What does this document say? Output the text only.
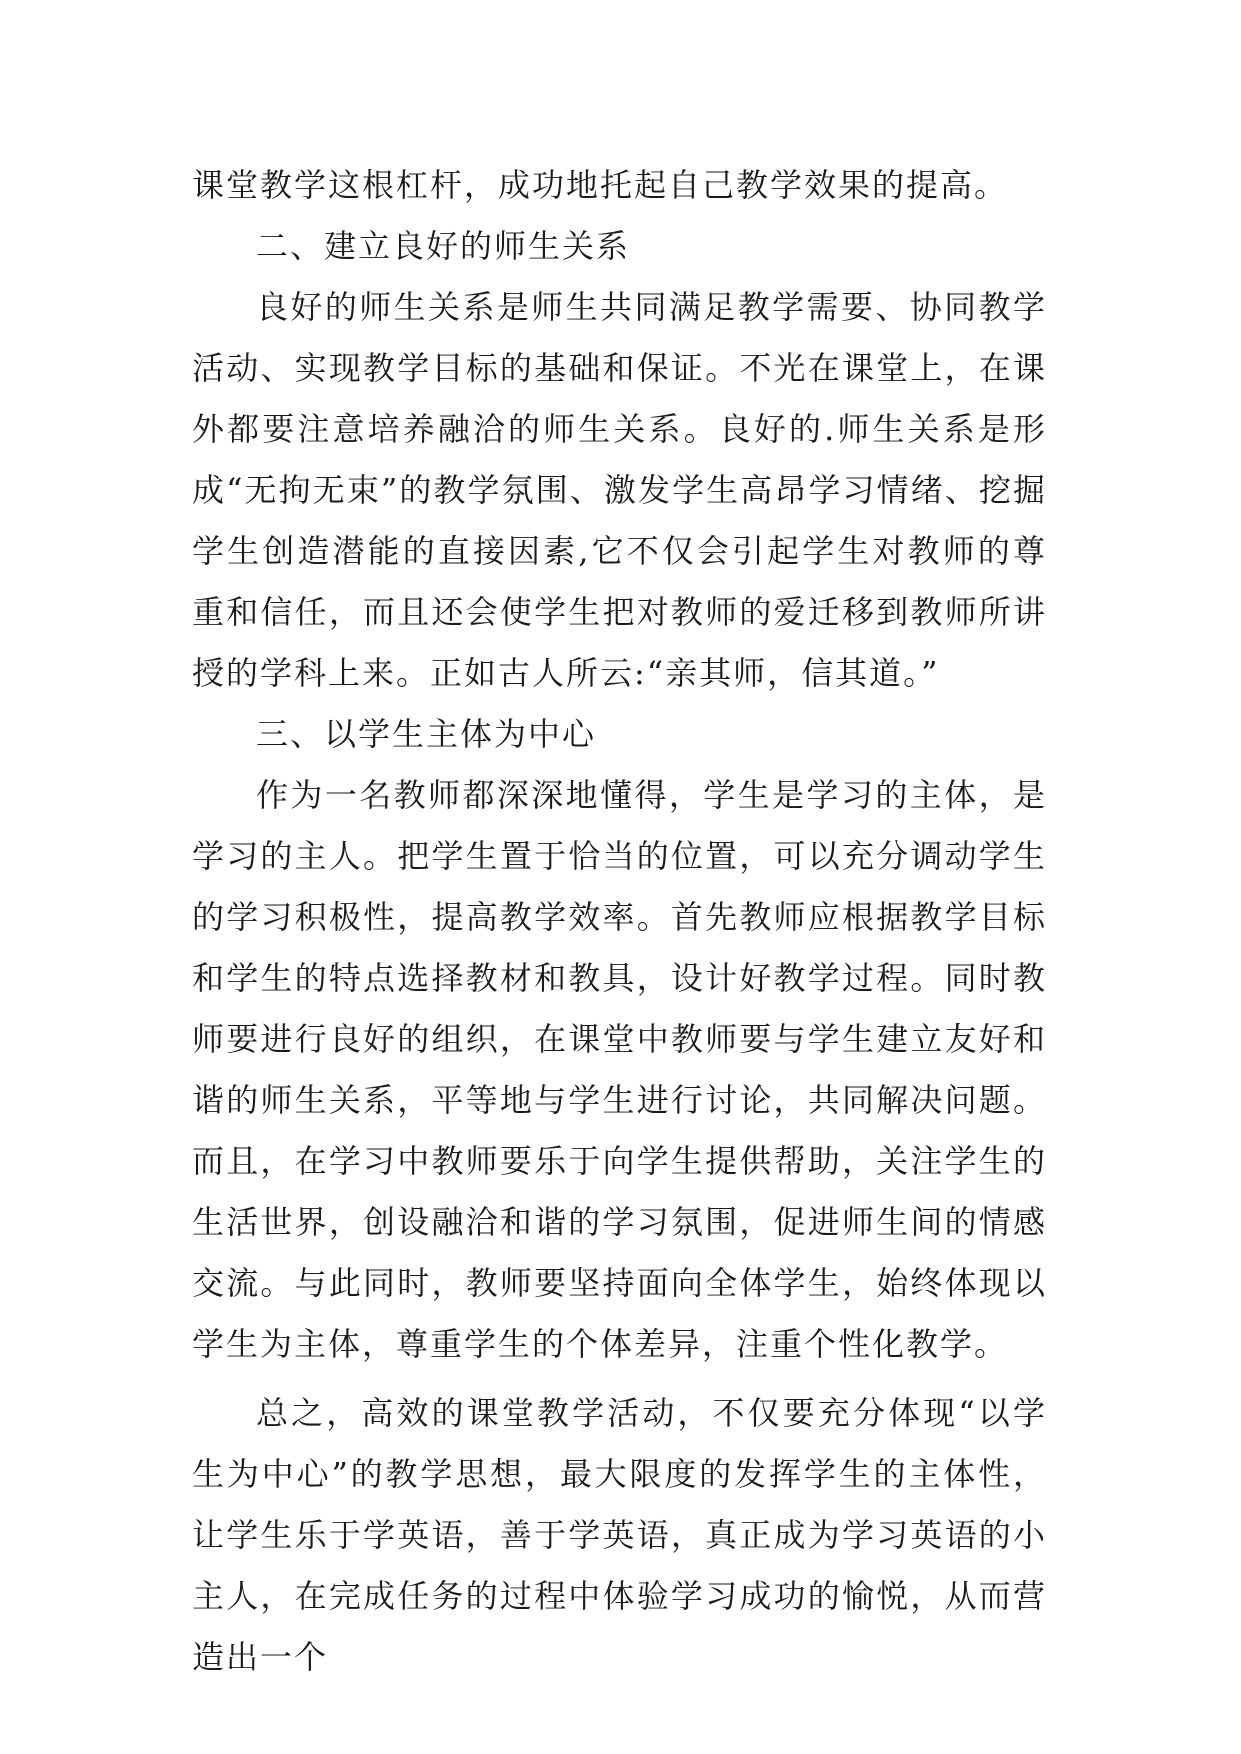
课堂教学这根杠杆，成功地托起自己教学效果的提高。

二、建立良好的师生关系

良好的师生关系是师生共同满足教学需要、协同教学活动、实现教学目标的基础和保证。不光在课堂上，在课外都要注意培养融洽的师生关系。良好的.师生关系是形成“无拘无束”的教学氛围、激发学生高昂学习情绪、挖掘学生创造潜能的直接因素,它不仅会引起学生对教师的尊重和信任，而且还会使学生把对教师的爱迁移到教师所讲授的学科上来。正如古人所云:“亲其师，信其道。”

三、以学生主体为中心

作为一名教师都深深地懂得，学生是学习的主体，是学习的主人。把学生置于恰当的位置，可以充分调动学生的学习积极性，提高教学效率。首先教师应根据教学目标和学生的特点选择教材和教具，设计好教学过程。同时教师要进行良好的组织，在课堂中教师要与学生建立友好和谐的师生关系，平等地与学生进行讨论，共同解决问题。而且，在学习中教师要乐于向学生提供帮助，关注学生的生活世界，创设融洽和谐的学习氛围，促进师生间的情感交流。与此同时，教师要坚持面向全体学生，始终体现以学生为主体，尊重学生的个体差异，注重个性化教学。

总之，高效的课堂教学活动，不仅要充分体现“以学生为中心”的教学思想，最大限度的发挥学生的主体性，让学生乐于学英语，善于学英语，真正成为学习英语的小主人，在完成任务的过程中体验学习成功的愉悦，从而营造出一个
